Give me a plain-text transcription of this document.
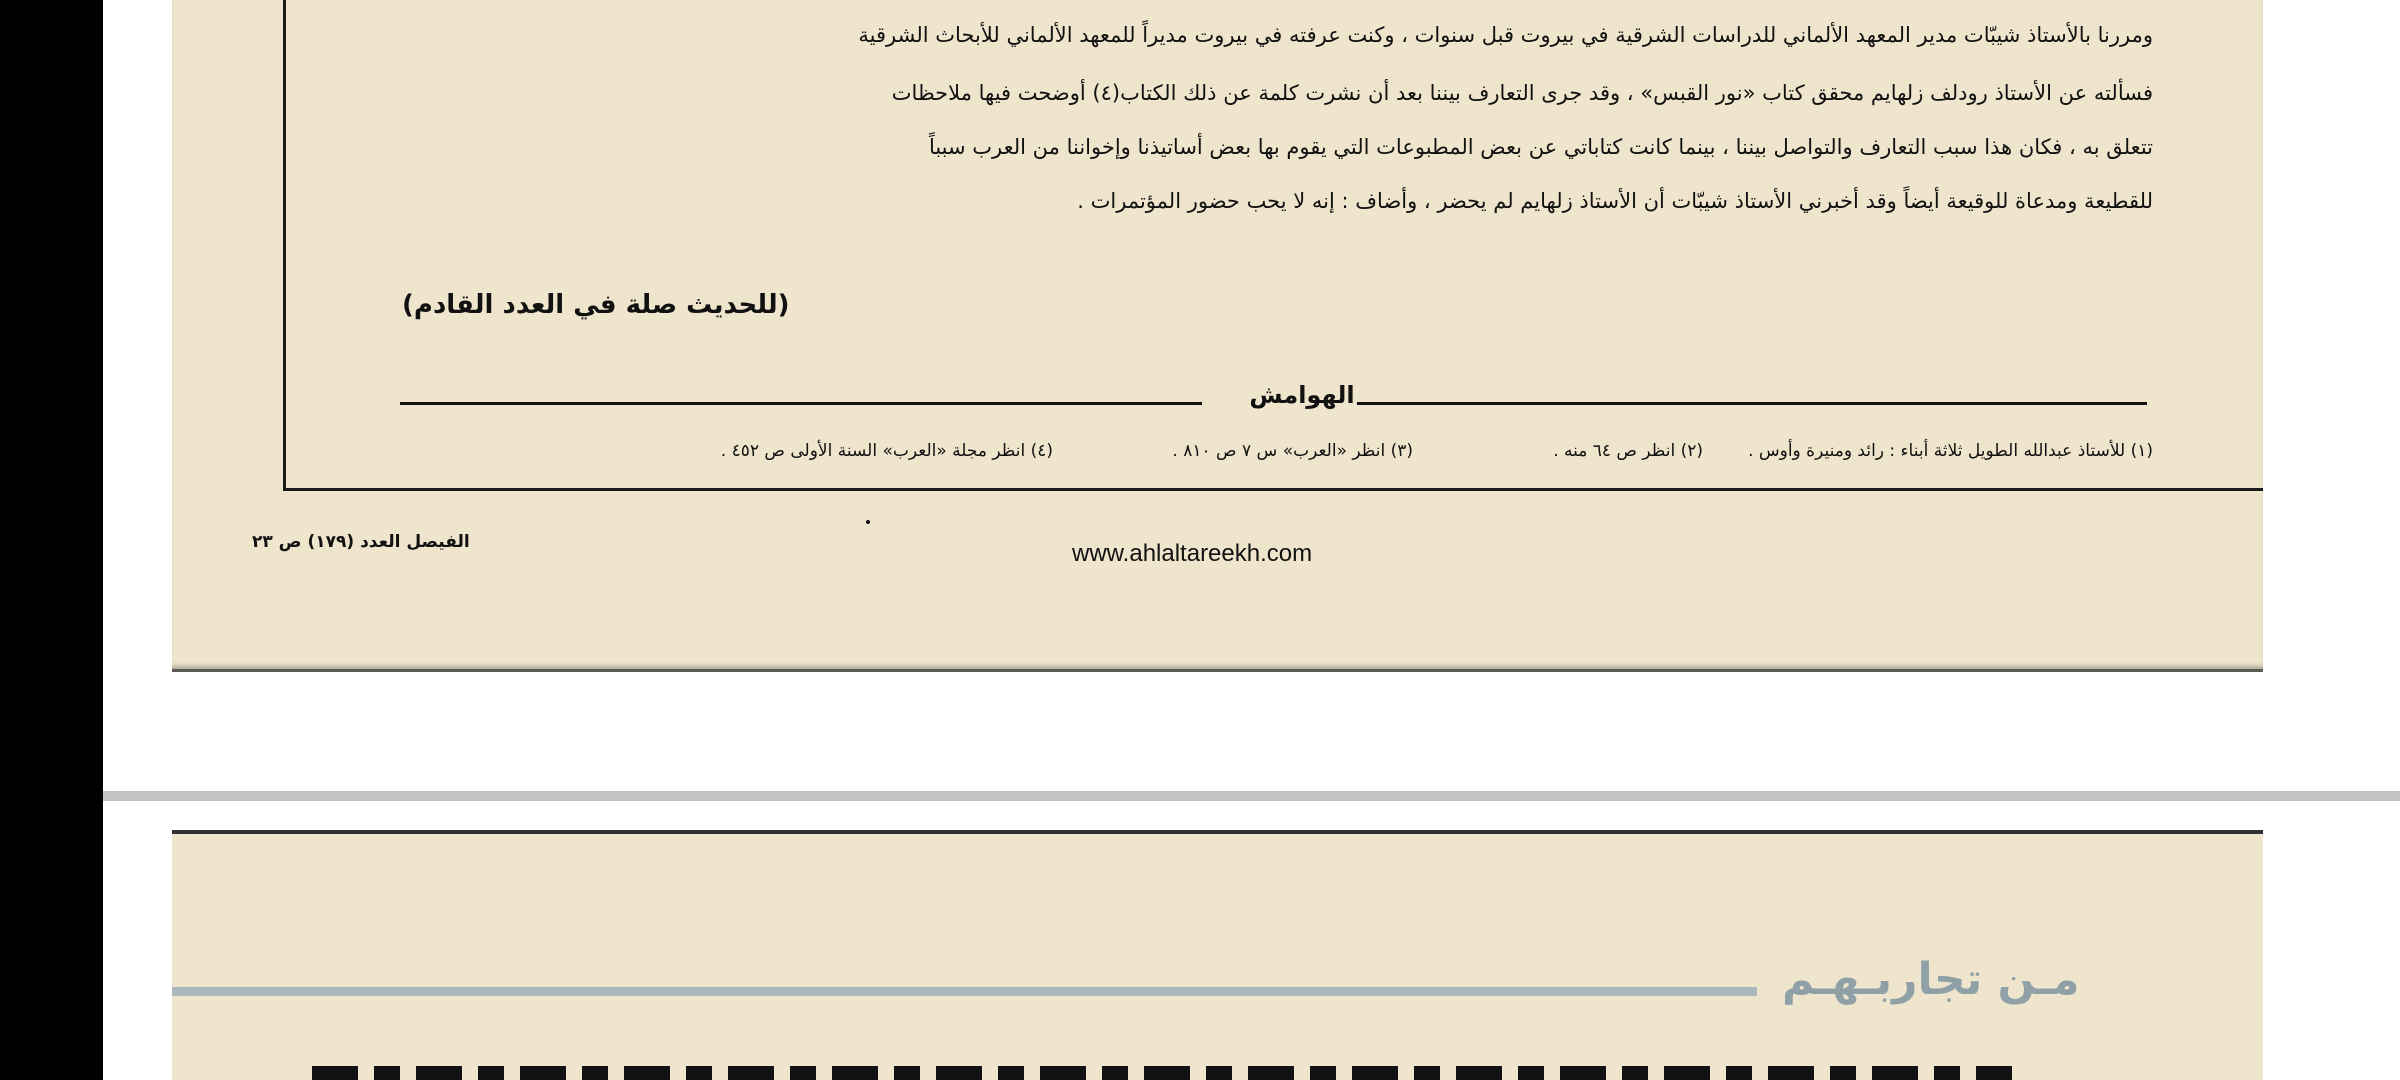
ومررنا بالأستاذ شيبّات مدير المعهد الألماني للدراسات الشرقية في بيروت قبل سنوات ، وكنت عرفته في بيروت مديراً للمعهد الألماني للأبحاث الشرقية

فسألته عن الأستاذ رودلف زلهايم محقق كتاب «نور القبس» ، وقد جرى التعارف بيننا بعد أن نشرت كلمة عن ذلك الكتاب(٤) أوضحت فيها ملاحظات

تتعلق به ، فكان هذا سبب التعارف والتواصل بيننا ، بينما كانت كتاباتي عن بعض المطبوعات التي يقوم بها بعض أساتيذنا وإخواننا من العرب سبباً

للقطيعة ومدعاة للوقيعة أيضاً وقد أخبرني الأستاذ شيبّات أن الأستاذ زلهايم لم يحضر ، وأضاف : إنه لا يحب حضور المؤتمرات .

(للحديث صلة في العدد القادم)
الهوامش
(١) للأستاذ عبدالله الطويل ثلاثة أبناء : رائد ومنيرة وأوس .
(٢) انظر ص ٦٤ منه .
(٣) انظر «العرب» س ٧ ص ٨١٠ .
(٤) انظر مجلة «العرب» السنة الأولى ص ٤٥٢ .
الفيصل العدد (١٧٩) ص ٢٣	www.ahlaltareekh.com
مـن تجاربـهـم
